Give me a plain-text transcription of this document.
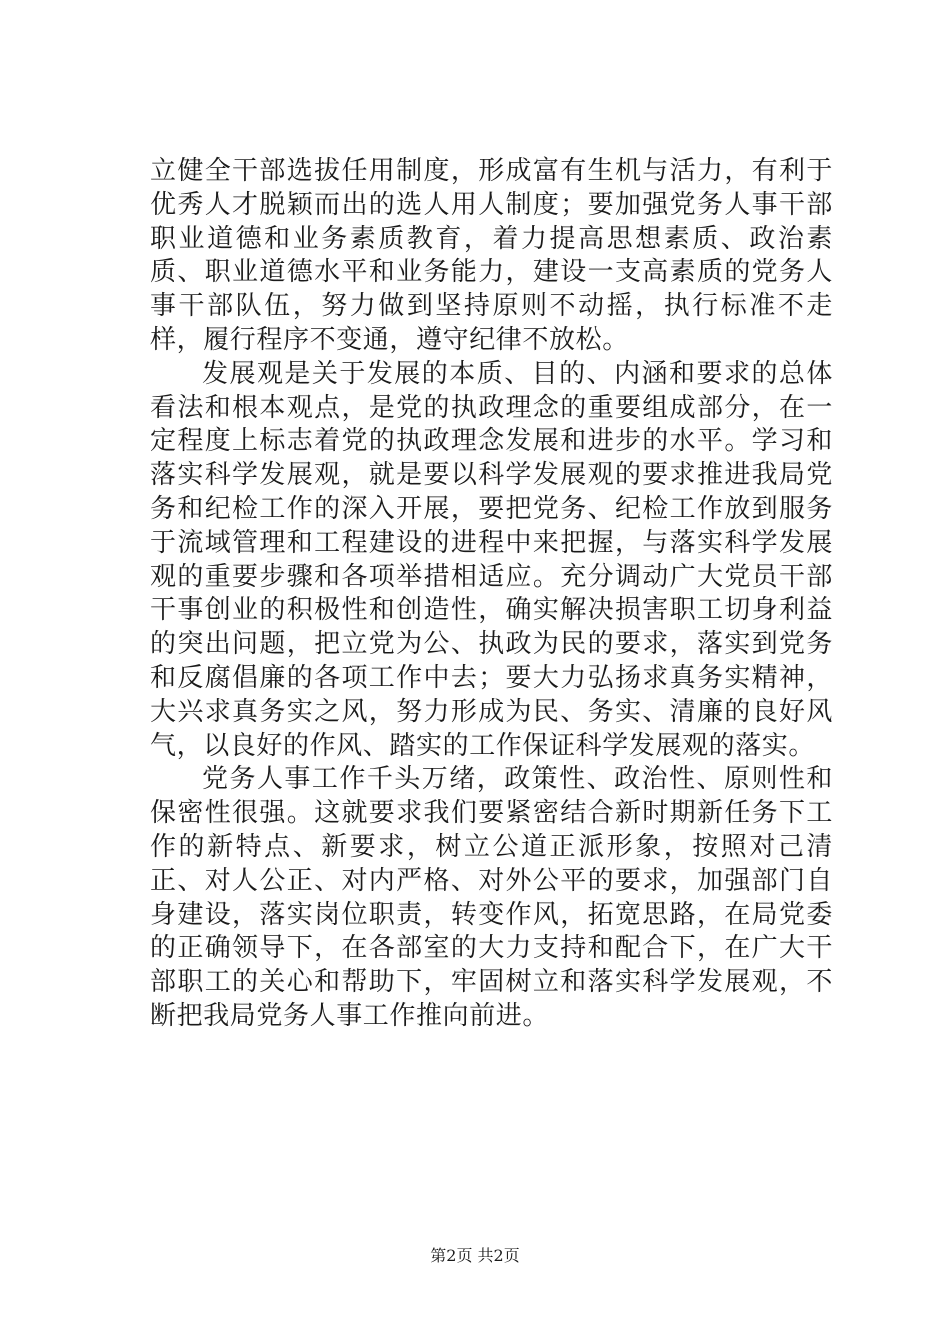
立健全干部选拔任用制度，形成富有生机与活力，有利于优秀人才脱颖而出的选人用人制度；要加强党务人事干部职业道德和业务素质教育，着力提高思想素质、政治素质、职业道德水平和业务能力，建设一支高素质的党务人事干部队伍，努力做到坚持原则不动摇，执行标准不走样，履行程序不变通，遵守纪律不放松。

发展观是关于发展的本质、目的、内涵和要求的总体看法和根本观点，是党的执政理念的重要组成部分，在一定程度上标志着党的执政理念发展和进步的水平。学习和落实科学发展观，就是要以科学发展观的要求推进我局党务和纪检工作的深入开展，要把党务、纪检工作放到服务于流域管理和工程建设的进程中来把握，与落实科学发展观的重要步骤和各项举措相适应。充分调动广大党员干部干事创业的积极性和创造性，确实解决损害职工切身利益的突出问题，把立党为公、执政为民的要求，落实到党务和反腐倡廉的各项工作中去；要大力弘扬求真务实精神，大兴求真务实之风，努力形成为民、务实、清廉的良好风气，以良好的作风、踏实的工作保证科学发展观的落实。

党务人事工作千头万绪，政策性、政治性、原则性和保密性很强。这就要求我们要紧密结合新时期新任务下工作的新特点、新要求，树立公道正派形象，按照对己清正、对人公正、对内严格、对外公平的要求，加强部门自身建设，落实岗位职责，转变作风，拓宽思路，在局党委的正确领导下，在各部室的大力支持和配合下，在广大干部职工的关心和帮助下，牢固树立和落实科学发展观，不断把我局党务人事工作推向前进。

第2页 共2页
